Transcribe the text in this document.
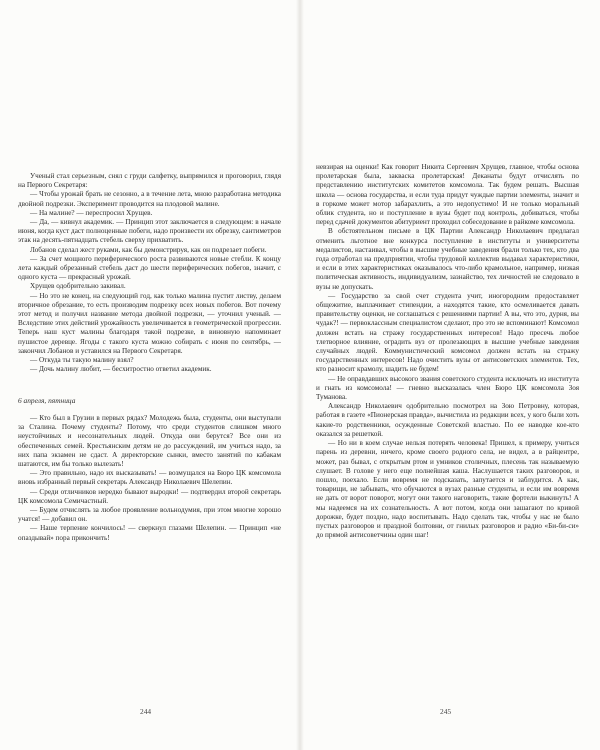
Ученый стал серьезным, снял с груди салфетку, выпрямился и проговорил, глядя на Первого Секретаря:

— Чтобы урожай брать не сезонно, а в течение лета, мною разработана методика двойной подрезки. Эксперимент проводится на плодовой малине.

— На малине? — переспросил Хрущев.

— Да, — кивнул академик. — Принцип этот заключается в следующем: в начале июня, когда куст даст полноценные побеги, надо произвести их обрезку, сантиметров этак на десять-пятнадцать стебель сверху прихватить.

Лобанов сделал жест руками, как бы демонстрируя, как он подрезает побеги.

— За счет мощного периферического роста развиваются новые стебли. К концу лета каждый обрезанный стебель даст до шести периферических побегов, значит, с одного куста — прекрасный урожай.

Хрущев одобрительно закивал.

— Но это не конец, на следующий год, как только малина пустит листву, делаем вторичное обрезание, то есть производим подрезку всех новых побегов. Вот почему этот метод и получил название метода двойной подрезки, — уточнил ученый. — Вследствие этих действий урожайность увеличивается в геометрической прогрессии. Теперь наш куст малины благодаря такой подрезке, в виновную напоминает пушистое деревце. Ягоды с такого куста можно собирать с июня по сентябрь, — закончил Лобанов и уставился на Первого Секретаря.

— Откуда ты такую малину взял?

— Дочь малину любит, — бесхитростно ответил академик.

6 апреля, пятница

— Кто был в Грузии в первых рядах? Молодежь была, студенты, они выступали за Сталина. Почему студенты? Потому, что среди студентов слишком много неустойчивых и несознательных людей. Откуда они берутся? Все они из обеспеченных семей. Крестьянским детям не до рассуждений, им учиться надо, за них папа экзамен не сдаст. А директорские сынки, вместо занятий по кабакам шатаются, им бы только вылезать!

— Это правильно, надо их высказывать! — возмущался на Бюро ЦК комсомола вновь избранный первый секретарь Александр Николаевич Шелепин.

— Среди отличников нередко бывают выродки! — подтвердил второй секретарь ЦК комсомола Семичастный.

— Будем отчислять за любое проявление вольнодумия, при этом многие хорошо учатся! — добавил он.

— Наше терпение кончилось! — сверкнул глазами Шелепин. — Принцип «не опаздывай» пора прикончить!

244

невзирая на оценки! Как говорит Никита Сергеевич Хрущев, главное, чтобы основа пролетарская была, закваска пролетарская! Деканаты будут отчислять по представлению институтских комитетов комсомола. Так будем решать. Высшая школа — основа государства, и если туда придут чуждые партии элементы, значит и в горкоме может мотор забарахлить, а это недопустимо! И не только моральный облик студента, но и поступление в вузы будет под контроль, добиваться, чтобы перед сдачей документов абитуриент проходил собеседование в райкоме комсомола.

В обстоятельном письме в ЦК Партии Александр Николаевич предлагал отменить льготное вне конкурса поступление в институты и университеты медалистов, настаивал, чтобы в высшие учебные заведения брали только тех, кто два года отработал на предприятии, чтобы трудовой коллектив выдавал характеристики, и если в этих характеристиках оказывалось что-либо крамольное, например, низкая политическая активность, индивидуализм, зазнайство, тех личностей не следовало в вузы не допускать.

— Государство за свой счет студента учит, иногородним предоставляет общежитие, выплачивает стипендии, а находятся такие, кто осмеливается давать правительству оценки, не соглашаться с решениями партии! А вы, что это, дурня, вы чудак?! — первоклассным специалистом сделают, про это не вспоминают! Комсомол должен встать на стражу государственных интересов! Надо пресечь любое тлетворное влияние, оградить вуз от пролезающих в высшие учебные заведения случайных людей. Коммунистический комсомол должен встать на стражу государственных интересов! Надо очистить вузы от антисоветских элементов. Тех, кто разносит крамолу, шадить не будем!

— Не оправдавших высокого звания советского студента исключать из института и гнать из комсомола! — гневно высказалась член Бюро ЦК комсомола Зоя Туманова.

Александр Николаевич одобрительно посмотрел на Зою Петровну, которая, работая в газете «Пионерская правда», вычистила из редакции всех, у кого были хоть какие-то родственники, осужденные Советской властью. По ее наводке кое-кто оказался за решеткой.

— Но ни в коем случае нельзя потерять человека! Пришел, к примеру, учиться парень из деревни, ничего, кроме своего родного села, не видел, а в райцентре, может, раз бывал, с открытым ртом и умников столичных, плесень так называемую слушает. В голове у него еще полнейшая каша. Наслушается таких разговоров, и пошло, поехало. Если вовремя не подсказать, запутается и заблудится. А как, товарищи, не забывать, что обучаются в вузах разные студенты, и если им вовремя не дать от ворот поворот, могут они такого наговорить, такие фортели выкинуть! А мы надеемся на их сознательность. А вот потом, когда они зашагают по кривой дорожке, будет поздно, надо воспитывать. Надо сделать так, чтобы у нас не было пустых разговоров и праздной болтовни, от гнилых разговоров и радио «Би-би-си» до прямой антисоветчины один шаг!

245
